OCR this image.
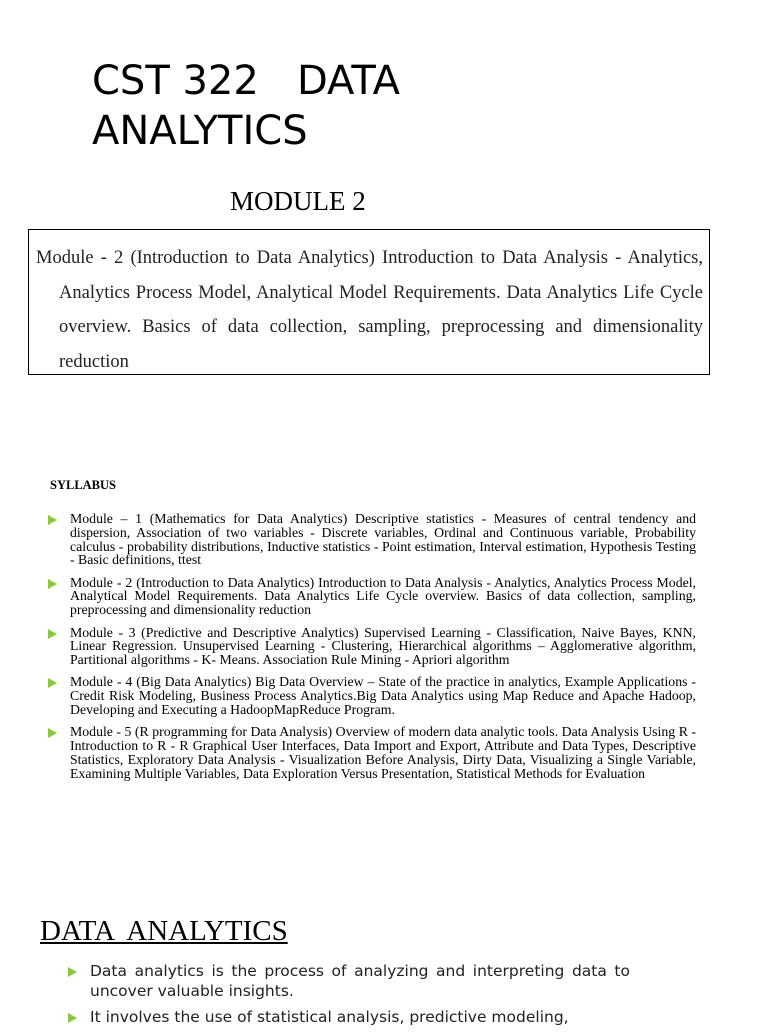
CST 322   DATA ANALYTICS
MODULE 2
Module - 2 (Introduction to Data Analytics) Introduction to Data Analysis - Analytics, Analytics Process Model, Analytical Model Requirements. Data Analytics Life Cycle overview. Basics of data collection, sampling, preprocessing and dimensionality reduction
SYLLABUS
Module – 1 (Mathematics for Data Analytics) Descriptive statistics - Measures of central tendency and dispersion, Association of two variables - Discrete variables, Ordinal and Continuous variable, Probability calculus - probability distributions, Inductive statistics - Point estimation, Interval estimation, Hypothesis Testing - Basic definitions, ttest
Module - 2 (Introduction to Data Analytics) Introduction to Data Analysis - Analytics, Analytics Process Model, Analytical Model Requirements. Data Analytics Life Cycle overview. Basics of data collection, sampling, preprocessing and dimensionality reduction
Module - 3 (Predictive and Descriptive Analytics) Supervised Learning - Classification, Naive Bayes, KNN, Linear Regression. Unsupervised Learning - Clustering, Hierarchical algorithms – Agglomerative algorithm, Partitional algorithms - K- Means. Association Rule Mining - Apriori algorithm
Module - 4 (Big Data Analytics) Big Data Overview – State of the practice in analytics, Example Applications - Credit Risk Modeling, Business Process Analytics.Big Data Analytics using Map Reduce and Apache Hadoop, Developing and Executing a HadoopMapReduce Program.
Module - 5 (R programming for Data Analysis) Overview of modern data analytic tools. Data Analysis Using R - Introduction to R - R Graphical User Interfaces, Data Import and Export, Attribute and Data Types, Descriptive Statistics, Exploratory Data Analysis - Visualization Before Analysis, Dirty Data, Visualizing a Single Variable, Examining Multiple Variables, Data Exploration Versus Presentation, Statistical Methods for Evaluation
DATA  ANALYTICS
Data analytics is the process of analyzing and interpreting data to uncover valuable insights.
It involves the use of statistical analysis, predictive modeling,
